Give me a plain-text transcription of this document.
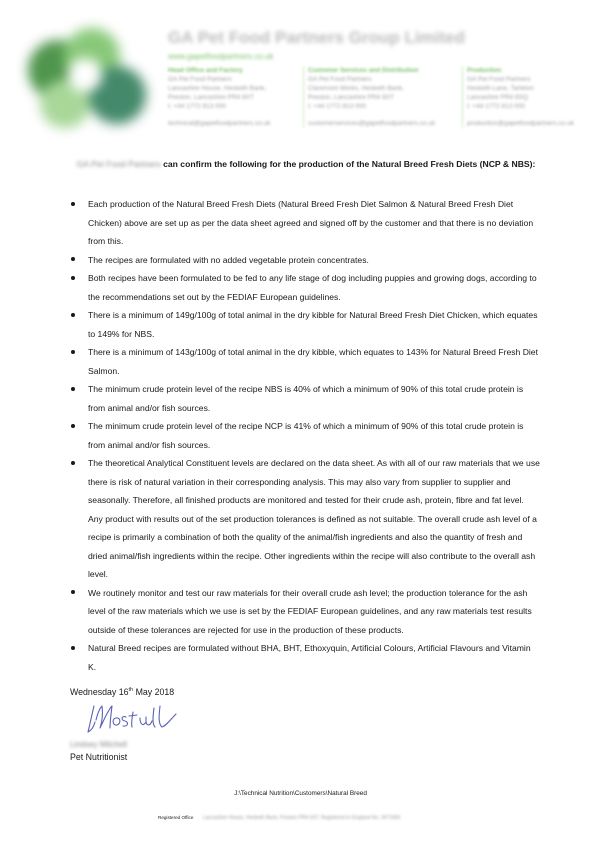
GA Pet Food Partners Group Limited
www.gapetfoodpartners.co.uk
Head Office and Factory
GA Pet Food Partners
Lancashire House, Hesketh Bank,
Preston, Lancashire PR4 6XT
t: +44 1772 813 000
technical@gapetfoodpartners.co.uk
Customer Services and Distribution
GA Pet Food Partners
Claremont Works, Hesketh Bank,
Preston, Lancashire PR4 6XT
t: +44 1772 813 000
customerservices@gapetfoodpartners.co.uk
Production
GA Pet Food Partners
Hesketh Lane, Tarleton
Lancashire PR4 6SQ
t: +44 1772 813 000
production@gapetfoodpartners.co.uk
GA Pet Food Partners can confirm the following for the production of the Natural Breed Fresh Diets (NCP & NBS):
Each production of the Natural Breed Fresh Diets (Natural Breed Fresh Diet Salmon & Natural Breed Fresh Diet Chicken) above are set up as per the data sheet agreed and signed off by the customer and that there is no deviation from this.
The recipes are formulated with no added vegetable protein concentrates.
Both recipes have been formulated to be fed to any life stage of dog including puppies and growing dogs, according to the recommendations set out by the FEDIAF European guidelines.
There is a minimum of 149g/100g of total animal in the dry kibble for Natural Breed Fresh Diet Chicken, which equates to 149% for NBS.
There is a minimum of 143g/100g of total animal in the dry kibble, which equates to 143% for Natural Breed Fresh Diet Salmon.
The minimum crude protein level of the recipe NBS is 40% of which a minimum of 90% of this total crude protein is from animal and/or fish sources.
The minimum crude protein level of the recipe NCP is 41% of which a minimum of 90% of this total crude protein is from animal and/or fish sources.
The theoretical Analytical Constituent levels are declared on the data sheet. As with all of our raw materials that we use there is risk of natural variation in their corresponding analysis. This may also vary from supplier to supplier and seasonally. Therefore, all finished products are monitored and tested for their crude ash, protein, fibre and fat level. Any product with results out of the set production tolerances is defined as not suitable. The overall crude ash level of a recipe is primarily a combination of both the quality of the animal/fish ingredients and also the quantity of fresh and dried animal/fish ingredients within the recipe. Other ingredients within the recipe will also contribute to the overall ash level.
We routinely monitor and test our raw materials for their overall crude ash level; the production tolerance for the ash level of the raw materials which we use is set by the FEDIAF European guidelines, and any raw materials test results outside of these tolerances are rejected for use in the production of these products.
Natural Breed recipes are formulated without BHA, BHT, Ethoxyquin, Artificial Colours, Artificial Flavours and Vitamin K.
Wednesday 16th May 2018
Lindsey Mitchell
Pet Nutritionist
J:\Technical Nutrition\Customers\Natural Breed
Registered Office Lancashire House, Hesketh Bank, Preston PR4 6XT. Registered in England No. 3471560
